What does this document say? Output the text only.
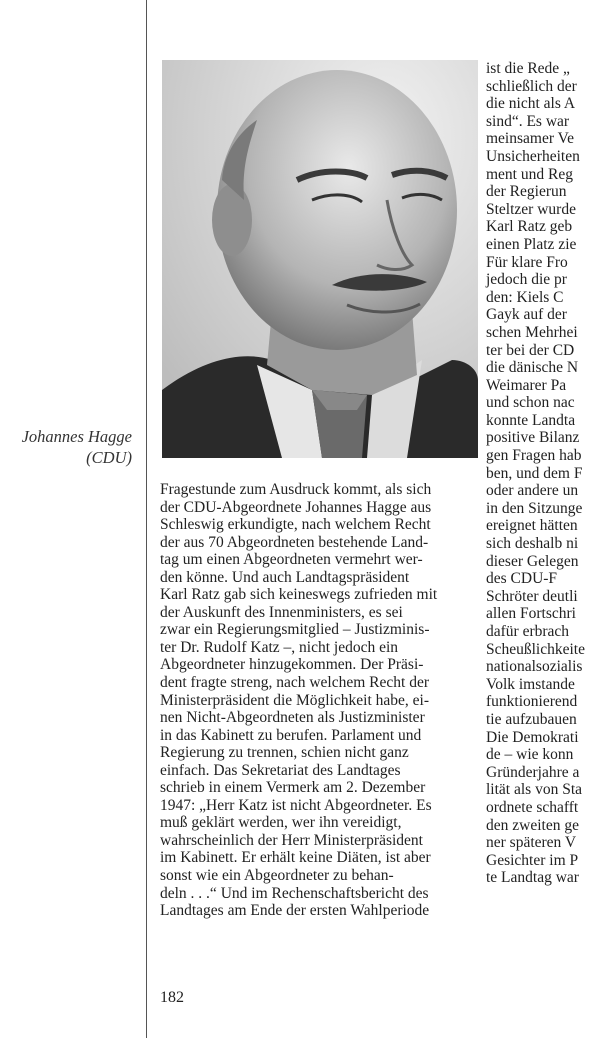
Johannes Hagge
(CDU)
Fragestunde zum Ausdruck kommt, als sich
der CDU-Abgeordnete Johannes Hagge aus
Schleswig erkundigte, nach welchem Recht
der aus 70 Abgeordneten bestehende Land-
tag um einen Abgeordneten vermehrt wer-
den könne. Und auch Landtagspräsident
Karl Ratz gab sich keineswegs zufrieden mit
der Auskunft des Innenministers, es sei
zwar ein Regierungsmitglied – Justizminis-
ter Dr. Rudolf Katz –, nicht jedoch ein
Abgeordneter hinzugekommen. Der Präsi-
dent fragte streng, nach welchem Recht der
Ministerpräsident die Möglichkeit habe, ei-
nen Nicht-Abgeordneten als Justizminister
in das Kabinett zu berufen. Parlament und
Regierung zu trennen, schien nicht ganz
einfach. Das Sekretariat des Landtages
schrieb in einem Vermerk am 2. Dezember
1947: „Herr Katz ist nicht Abgeordneter. Es
muß geklärt werden, wer ihn vereidigt,
wahrscheinlich der Herr Ministerpräsident
im Kabinett. Er erhält keine Diäten, ist aber
sonst wie ein Abgeordneter zu behan-
deln . . .“ Und im Rechenschaftsbericht des
Landtages am Ende der ersten Wahlperiode
ist die Rede „
schließlich der
die nicht als A
sind“. Es war
meinsamer Ve
Unsicherheiten
ment und Reg
der Regierun
Steltzer wurde
Karl Ratz geb
einen Platz zie
Für klare Fro
jedoch die pr
den: Kiels C
Gayk auf der
schen Mehrhei
ter bei der CD
die dänische N
Weimarer Pa
und schon nac
konnte Landta
positive Bilanz
gen Fragen hab
ben, und dem F
oder andere un
in den Sitzunge
ereignet hätten
sich deshalb ni
dieser Gelegen
des CDU-F
Schröter deutli
allen Fortschri
dafür erbrach
Scheußlichkeite
nationalsozialis
Volk imstande
funktionierend
tie aufzubauen
Die Demokrati
de – wie konn
Gründerjahre a
lität als von Sta
ordnete schafft
den zweiten ge
ner späteren V
Gesichter im P
te Landtag war
182
